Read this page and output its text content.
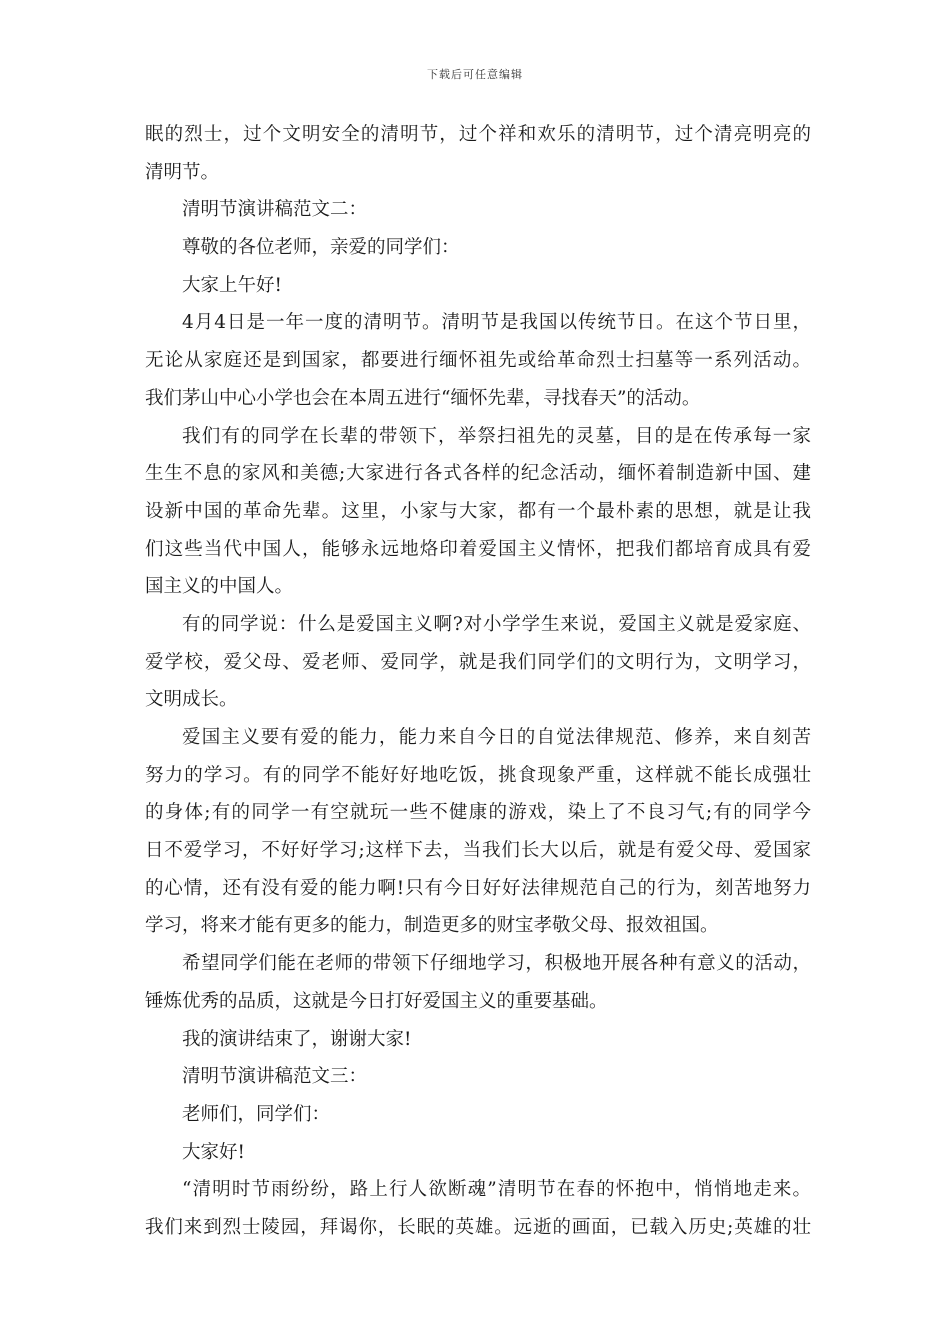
下载后可任意编辑
眠的烈士，过个文明安全的清明节，过个祥和欢乐的清明节，过个清亮明亮的
清明节。
清明节演讲稿范文二：
尊敬的各位老师，亲爱的同学们：
大家上午好!
4月4日是一年一度的清明节。清明节是我国以传统节日。在这个节日里，
无论从家庭还是到国家，都要进行缅怀祖先或给革命烈士扫墓等一系列活动。
我们茅山中心小学也会在本周五进行“缅怀先辈，寻找春天”的活动。
我们有的同学在长辈的带领下，举祭扫祖先的灵墓，目的是在传承每一家
生生不息的家风和美德;大家进行各式各样的纪念活动，缅怀着制造新中国、建
设新中国的革命先辈。这里，小家与大家，都有一个最朴素的思想，就是让我
们这些当代中国人，能够永远地烙印着爱国主义情怀，把我们都培育成具有爱
国主义的中国人。
有的同学说：什么是爱国主义啊?对小学学生来说，爱国主义就是爱家庭、
爱学校，爱父母、爱老师、爱同学，就是我们同学们的文明行为，文明学习，
文明成长。
爱国主义要有爱的能力，能力来自今日的自觉法律规范、修养，来自刻苦
努力的学习。有的同学不能好好地吃饭，挑食现象严重，这样就不能长成强壮
的身体;有的同学一有空就玩一些不健康的游戏，染上了不良习气;有的同学今
日不爱学习，不好好学习;这样下去，当我们长大以后，就是有爱父母、爱国家
的心情，还有没有爱的能力啊!只有今日好好法律规范自己的行为，刻苦地努力
学习，将来才能有更多的能力，制造更多的财宝孝敬父母、报效祖国。
希望同学们能在老师的带领下仔细地学习，积极地开展各种有意义的活动，
锤炼优秀的品质，这就是今日打好爱国主义的重要基础。
我的演讲结束了，谢谢大家!
清明节演讲稿范文三：
老师们，同学们：
大家好!
“清明时节雨纷纷，路上行人欲断魂”清明节在春的怀抱中，悄悄地走来。
我们来到烈士陵园，拜谒你，长眠的英雄。远逝的画面，已载入历史;英雄的壮
